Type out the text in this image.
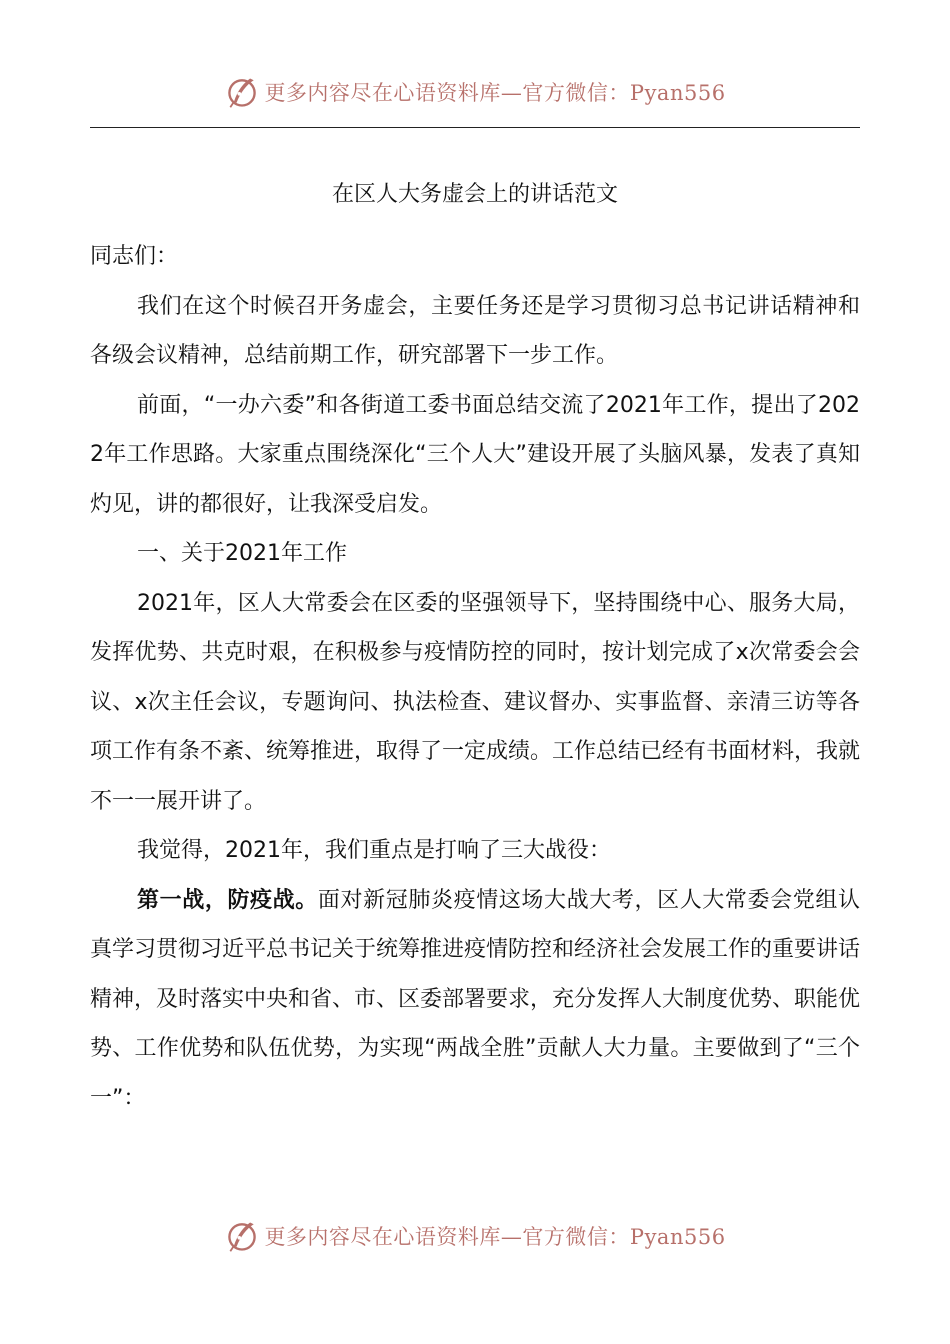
更多内容尽在心语资料库—官方微信：Pyan556
在区人大务虚会上的讲话范文

同志们：

我们在这个时候召开务虚会，主要任务还是学习贯彻习总书记讲话精神和各级会议精神，总结前期工作，研究部署下一步工作。

前面，“一办六委”和各街道工委书面总结交流了2021年工作，提出了2022年工作思路。大家重点围绕深化“三个人大”建设开展了头脑风暴，发表了真知灼见，讲的都很好，让我深受启发。

一、关于2021年工作

2021年，区人大常委会在区委的坚强领导下，坚持围绕中心、服务大局，发挥优势、共克时艰，在积极参与疫情防控的同时，按计划完成了x次常委会会议、x次主任会议，专题询问、执法检查、建议督办、实事监督、亲清三访等各项工作有条不紊、统筹推进，取得了一定成绩。工作总结已经有书面材料，我就不一一展开讲了。

我觉得，2021年，我们重点是打响了三大战役：

第一战，防疫战。面对新冠肺炎疫情这场大战大考，区人大常委会党组认真学习贯彻习近平总书记关于统筹推进疫情防控和经济社会发展工作的重要讲话精神，及时落实中央和省、市、区委部署要求，充分发挥人大制度优势、职能优势、工作优势和队伍优势，为实现“两战全胜”贡献人大力量。主要做到了“三个一”：

更多内容尽在心语资料库—官方微信：Pyan556
